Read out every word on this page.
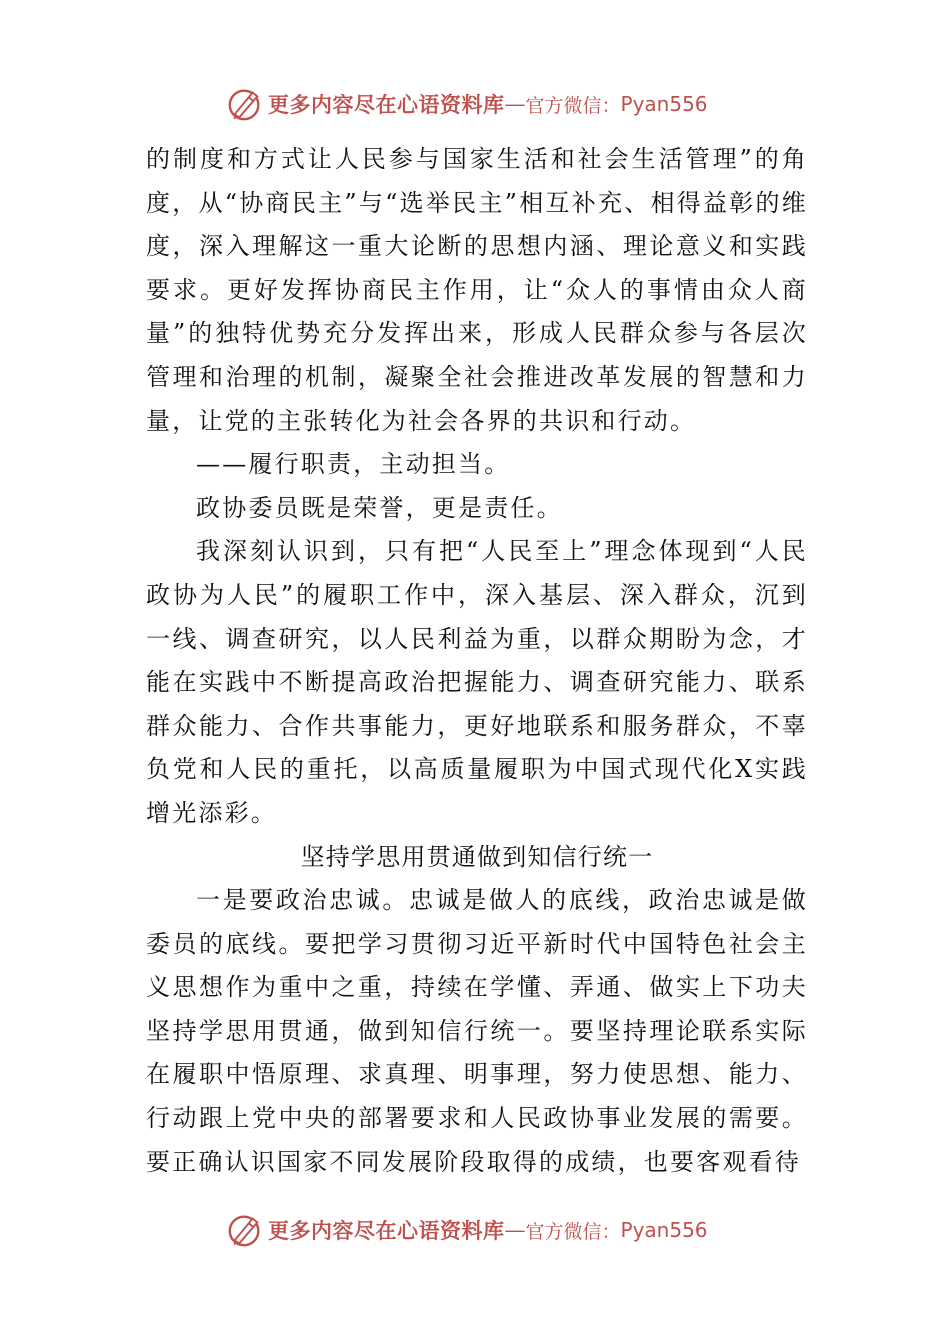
更多内容尽在心语资料库 — 官方微信： Pyan556

的制度和方式让人民参与国家生活和社会生活管理”的角度，从“协商民主”与“选举民主”相互补充、相得益彰的维度，深入理解这一重大论断的思想内涵、理论意义和实践要求。更好发挥协商民主作用，让“众人的事情由众人商量”的独特优势充分发挥出来，形成人民群众参与各层次管理和治理的机制，凝聚全社会推进改革发展的智慧和力量，让党的主张转化为社会各界的共识和行动。

——履行职责，主动担当。

政协委员既是荣誉，更是责任。

我深刻认识到，只有把“人民至上”理念体现到“人民政协为人民”的履职工作中，深入基层、深入群众，沉到一线、调查研究，以人民利益为重，以群众期盼为念，才能在实践中不断提高政治把握能力、调查研究能力、联系群众能力、合作共事能力，更好地联系和服务群众，不辜负党和人民的重托，以高质量履职为中国式现代化X实践增光添彩。

坚持学思用贯通做到知信行统一

一是要政治忠诚。忠诚是做人的底线，政治忠诚是做委员的底线。要把学习贯彻习近平新时代中国特色社会主义思想作为重中之重，持续在学懂、弄通、做实上下功夫坚持学思用贯通，做到知信行统一。要坚持理论联系实际在履职中悟原理、求真理、明事理，努力使思想、能力、行动跟上党中央的部署要求和人民政协事业发展的需要。要正确认识国家不同发展阶段取得的成绩，也要客观看待

更多内容尽在心语资料库 — 官方微信： Pyan556
